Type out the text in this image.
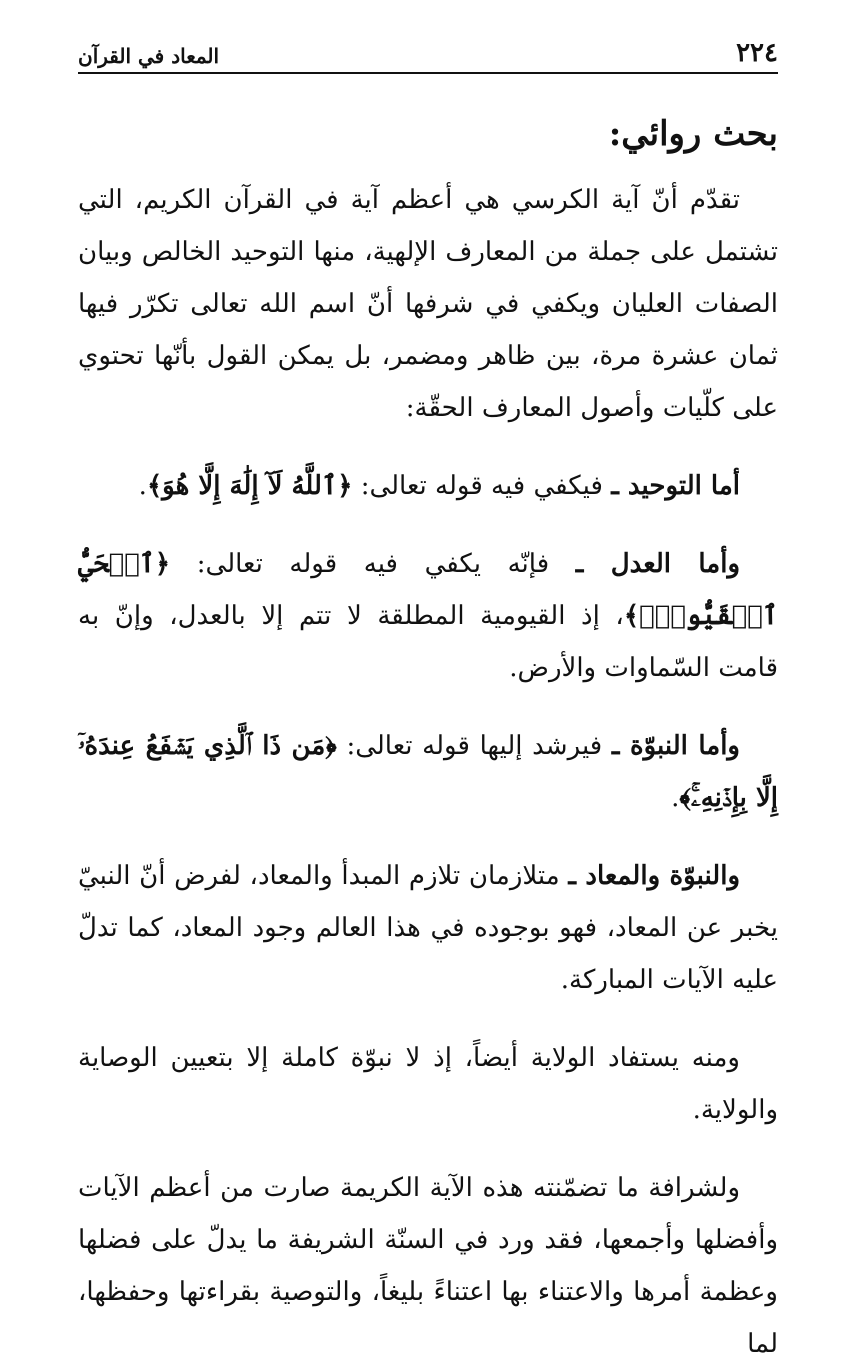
٢٢٤
المعاد في القرآن
بحث روائي:

تقدّم أنّ آية الكرسي هي أعظم آية في القرآن الكريم، التي تشتمل على جملة من المعارف الإلهية، منها التوحيد الخالص وبيان الصفات العليان ويكفي في شرفها أنّ اسم الله تعالى تكرّر فيها ثمان عشرة مرة، بين ظاهر ومضمر، بل يمكن القول بأنّها تحتوي على كلّيات وأصول المعارف الحقّة:

أما التوحيد ـ فيكفي فيه قوله تعالى: ﴿ٱللَّهُ لَآ إِلَٰهَ إِلَّا هُوَ﴾.

وأما العدل ـ فإنّه يكفي فيه قوله تعالى: ﴿ٱلۡحَيُّ ٱلۡقَيُّومُۚ﴾، إذ القيومية المطلقة لا تتم إلا بالعدل، وإنّ به قامت السّماوات والأرض.

وأما النبوّة ـ فيرشد إليها قوله تعالى: ﴿مَن ذَا ٱلَّذِي يَشۡفَعُ عِندَهُۥٓ إِلَّا بِإِذۡنِهِۦۚ﴾.

والنبوّة والمعاد ـ متلازمان تلازم المبدأ والمعاد، لفرض أنّ النبيّ يخبر عن المعاد، فهو بوجوده في هذا العالم وجود المعاد، كما تدلّ عليه الآيات المباركة.

ومنه يستفاد الولاية أيضاً، إذ لا نبوّة كاملة إلا بتعيين الوصاية والولاية.

ولشرافة ما تضمّنته هذه الآية الكريمة صارت من أعظم الآيات وأفضلها وأجمعها، فقد ورد في السنّة الشريفة ما يدلّ على فضلها وعظمة أمرها والاعتناء بها اعتناءً بليغاً، والتوصية بقراءتها وحفظها، لما
